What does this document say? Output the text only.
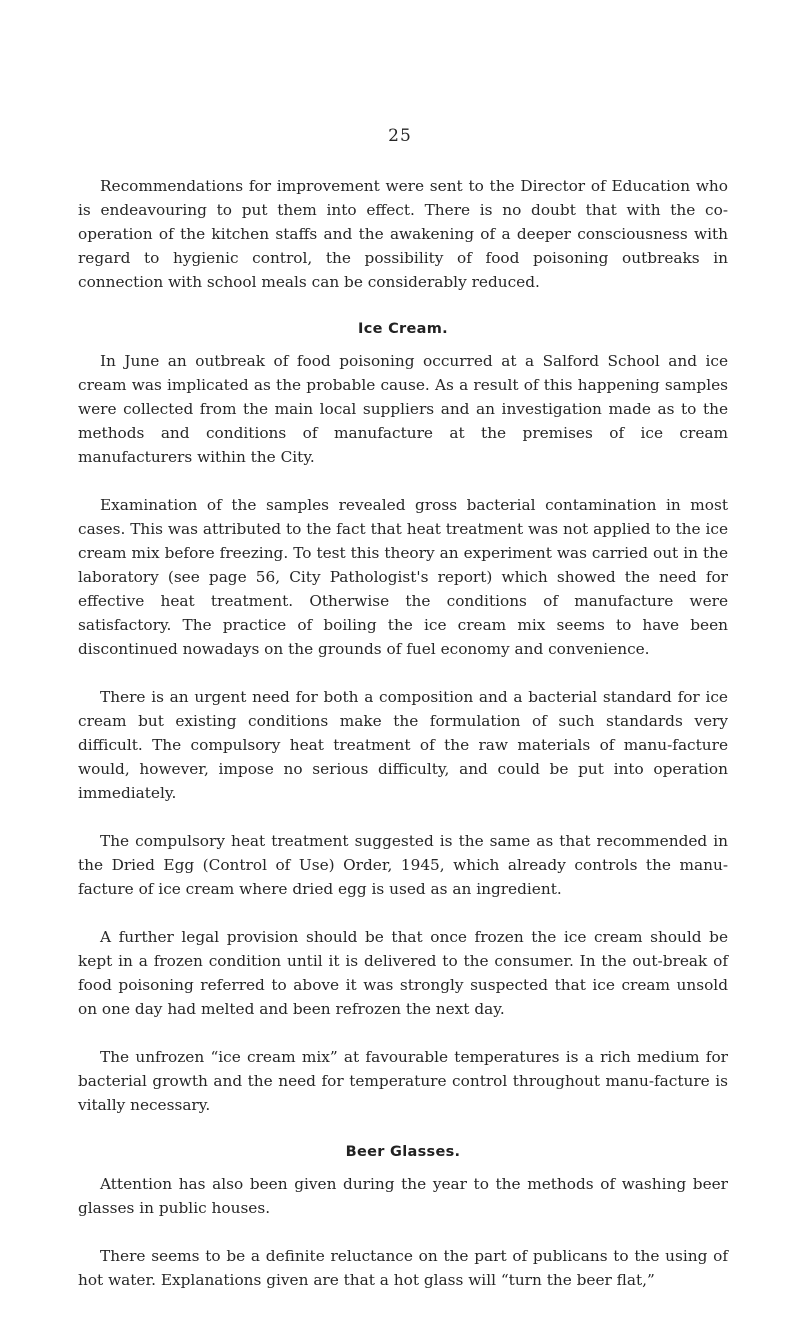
25

Recommendations for improvement were sent to the Director of Education who is endeavouring to put them into effect. There is no doubt that with the co-operation of the kitchen staffs and the awakening of a deeper consciousness with regard to hygienic control, the possibility of food poisoning outbreaks in connection with school meals can be considerably reduced.

Ice Cream.

In June an outbreak of food poisoning occurred at a Salford School and ice cream was implicated as the probable cause. As a result of this happening samples were collected from the main local suppliers and an investigation made as to the methods and conditions of manufacture at the premises of ice cream manufacturers within the City.

Examination of the samples revealed gross bacterial contamination in most cases. This was attributed to the fact that heat treatment was not applied to the ice cream mix before freezing. To test this theory an experiment was carried out in the laboratory (see page 56, City Pathologist's report) which showed the need for effective heat treatment. Otherwise the conditions of manufacture were satisfactory. The practice of boiling the ice cream mix seems to have been discontinued nowadays on the grounds of fuel economy and convenience.

There is an urgent need for both a composition and a bacterial standard for ice cream but existing conditions make the formulation of such standards very difficult. The compulsory heat treatment of the raw materials of manu-facture would, however, impose no serious difficulty, and could be put into operation immediately.

The compulsory heat treatment suggested is the same as that recommended in the Dried Egg (Control of Use) Order, 1945, which already controls the manu-facture of ice cream where dried egg is used as an ingredient.

A further legal provision should be that once frozen the ice cream should be kept in a frozen condition until it is delivered to the consumer. In the out-break of food poisoning referred to above it was strongly suspected that ice cream unsold on one day had melted and been refrozen the next day.

The unfrozen “ice cream mix” at favourable temperatures is a rich medium for bacterial growth and the need for temperature control throughout manu-facture is vitally necessary.

Beer Glasses.

Attention has also been given during the year to the methods of washing beer glasses in public houses.

There seems to be a definite reluctance on the part of publicans to the using of hot water. Explanations given are that a hot glass will “turn the beer flat,”
